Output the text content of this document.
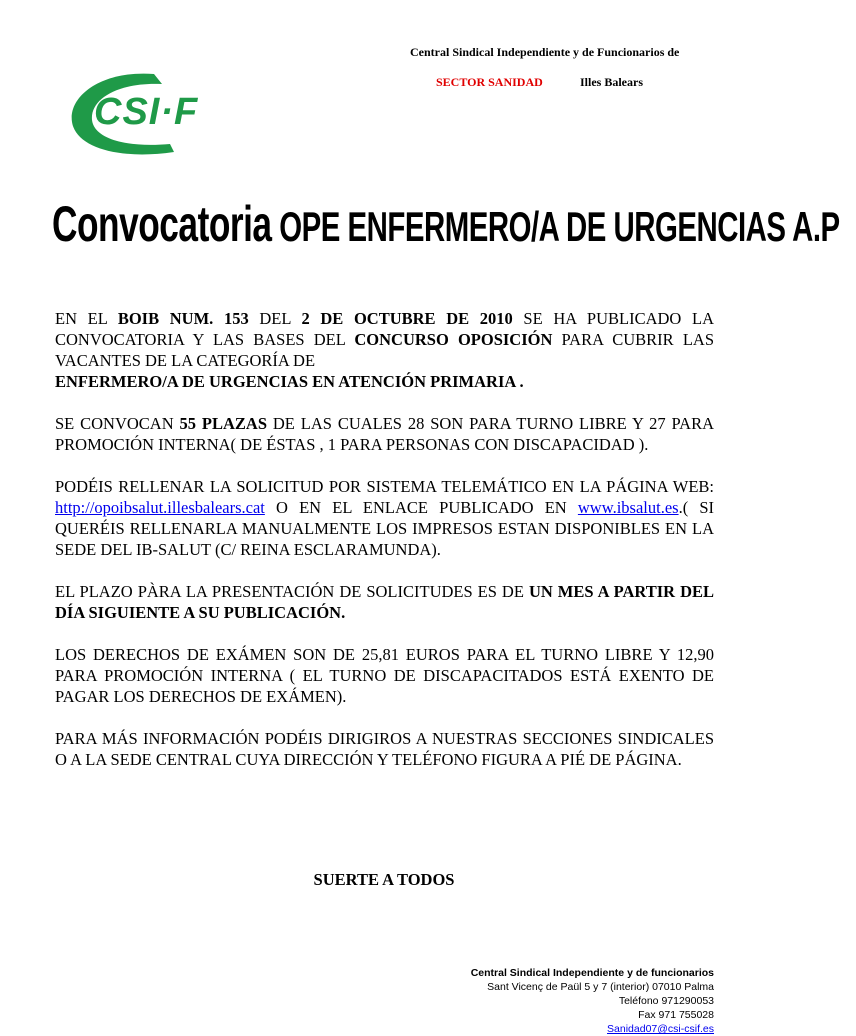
Central Sindical Independiente y de Funcionarios de
SECTOR SANIDAD	Illes Balears
CSI·F
Convocatoria OPE ENFERMERO/A DE URGENCIAS A.P

EN EL BOIB NUM. 153 DEL 2 DE OCTUBRE DE 2010 SE HA PUBLICADO LA CONVOCATORIA Y LAS BASES DEL CONCURSO OPOSICIÓN PARA CUBRIR LAS VACANTES DE LA CATEGORÍA DE

ENFERMERO/A DE URGENCIAS EN ATENCIÓN PRIMARIA .

SE CONVOCAN 55 PLAZAS DE LAS CUALES 28 SON PARA TURNO LIBRE Y 27 PARA PROMOCIÓN INTERNA( DE ÉSTAS , 1 PARA PERSONAS CON DISCAPACIDAD ).

PODÉIS RELLENAR LA SOLICITUD POR SISTEMA TELEMÁTICO EN LA PÁGINA WEB: http://opoibsalut.illesbalears.cat O EN EL ENLACE PUBLICADO EN www.ibsalut.es.( SI QUERÉIS RELLENARLA MANUALMENTE LOS IMPRESOS ESTAN DISPONIBLES EN LA SEDE DEL IB-SALUT (C/ REINA ESCLARAMUNDA).

EL PLAZO PÀRA LA PRESENTACIÓN DE SOLICITUDES ES DE UN MES A PARTIR DEL DÍA SIGUIENTE A SU PUBLICACIÓN.

LOS DERECHOS DE EXÁMEN SON DE 25,81 EUROS PARA EL TURNO LIBRE Y 12,90 PARA PROMOCIÓN INTERNA ( EL TURNO DE DISCAPACITADOS ESTÁ EXENTO DE PAGAR LOS DERECHOS DE EXÁMEN).

PARA MÁS INFORMACIÓN PODÉIS DIRIGIROS A NUESTRAS SECCIONES SINDICALES O A LA SEDE CENTRAL CUYA DIRECCIÓN Y TELÉFONO FIGURA A PIÉ DE PÁGINA.

SUERTE A TODOS
Central Sindical Independiente y de funcionarios
Sant Vicenç de Paül 5 y 7 (interior) 07010 Palma
Teléfono 971290053
Fax 971 755028
Sanidad07@csi-csif.es
